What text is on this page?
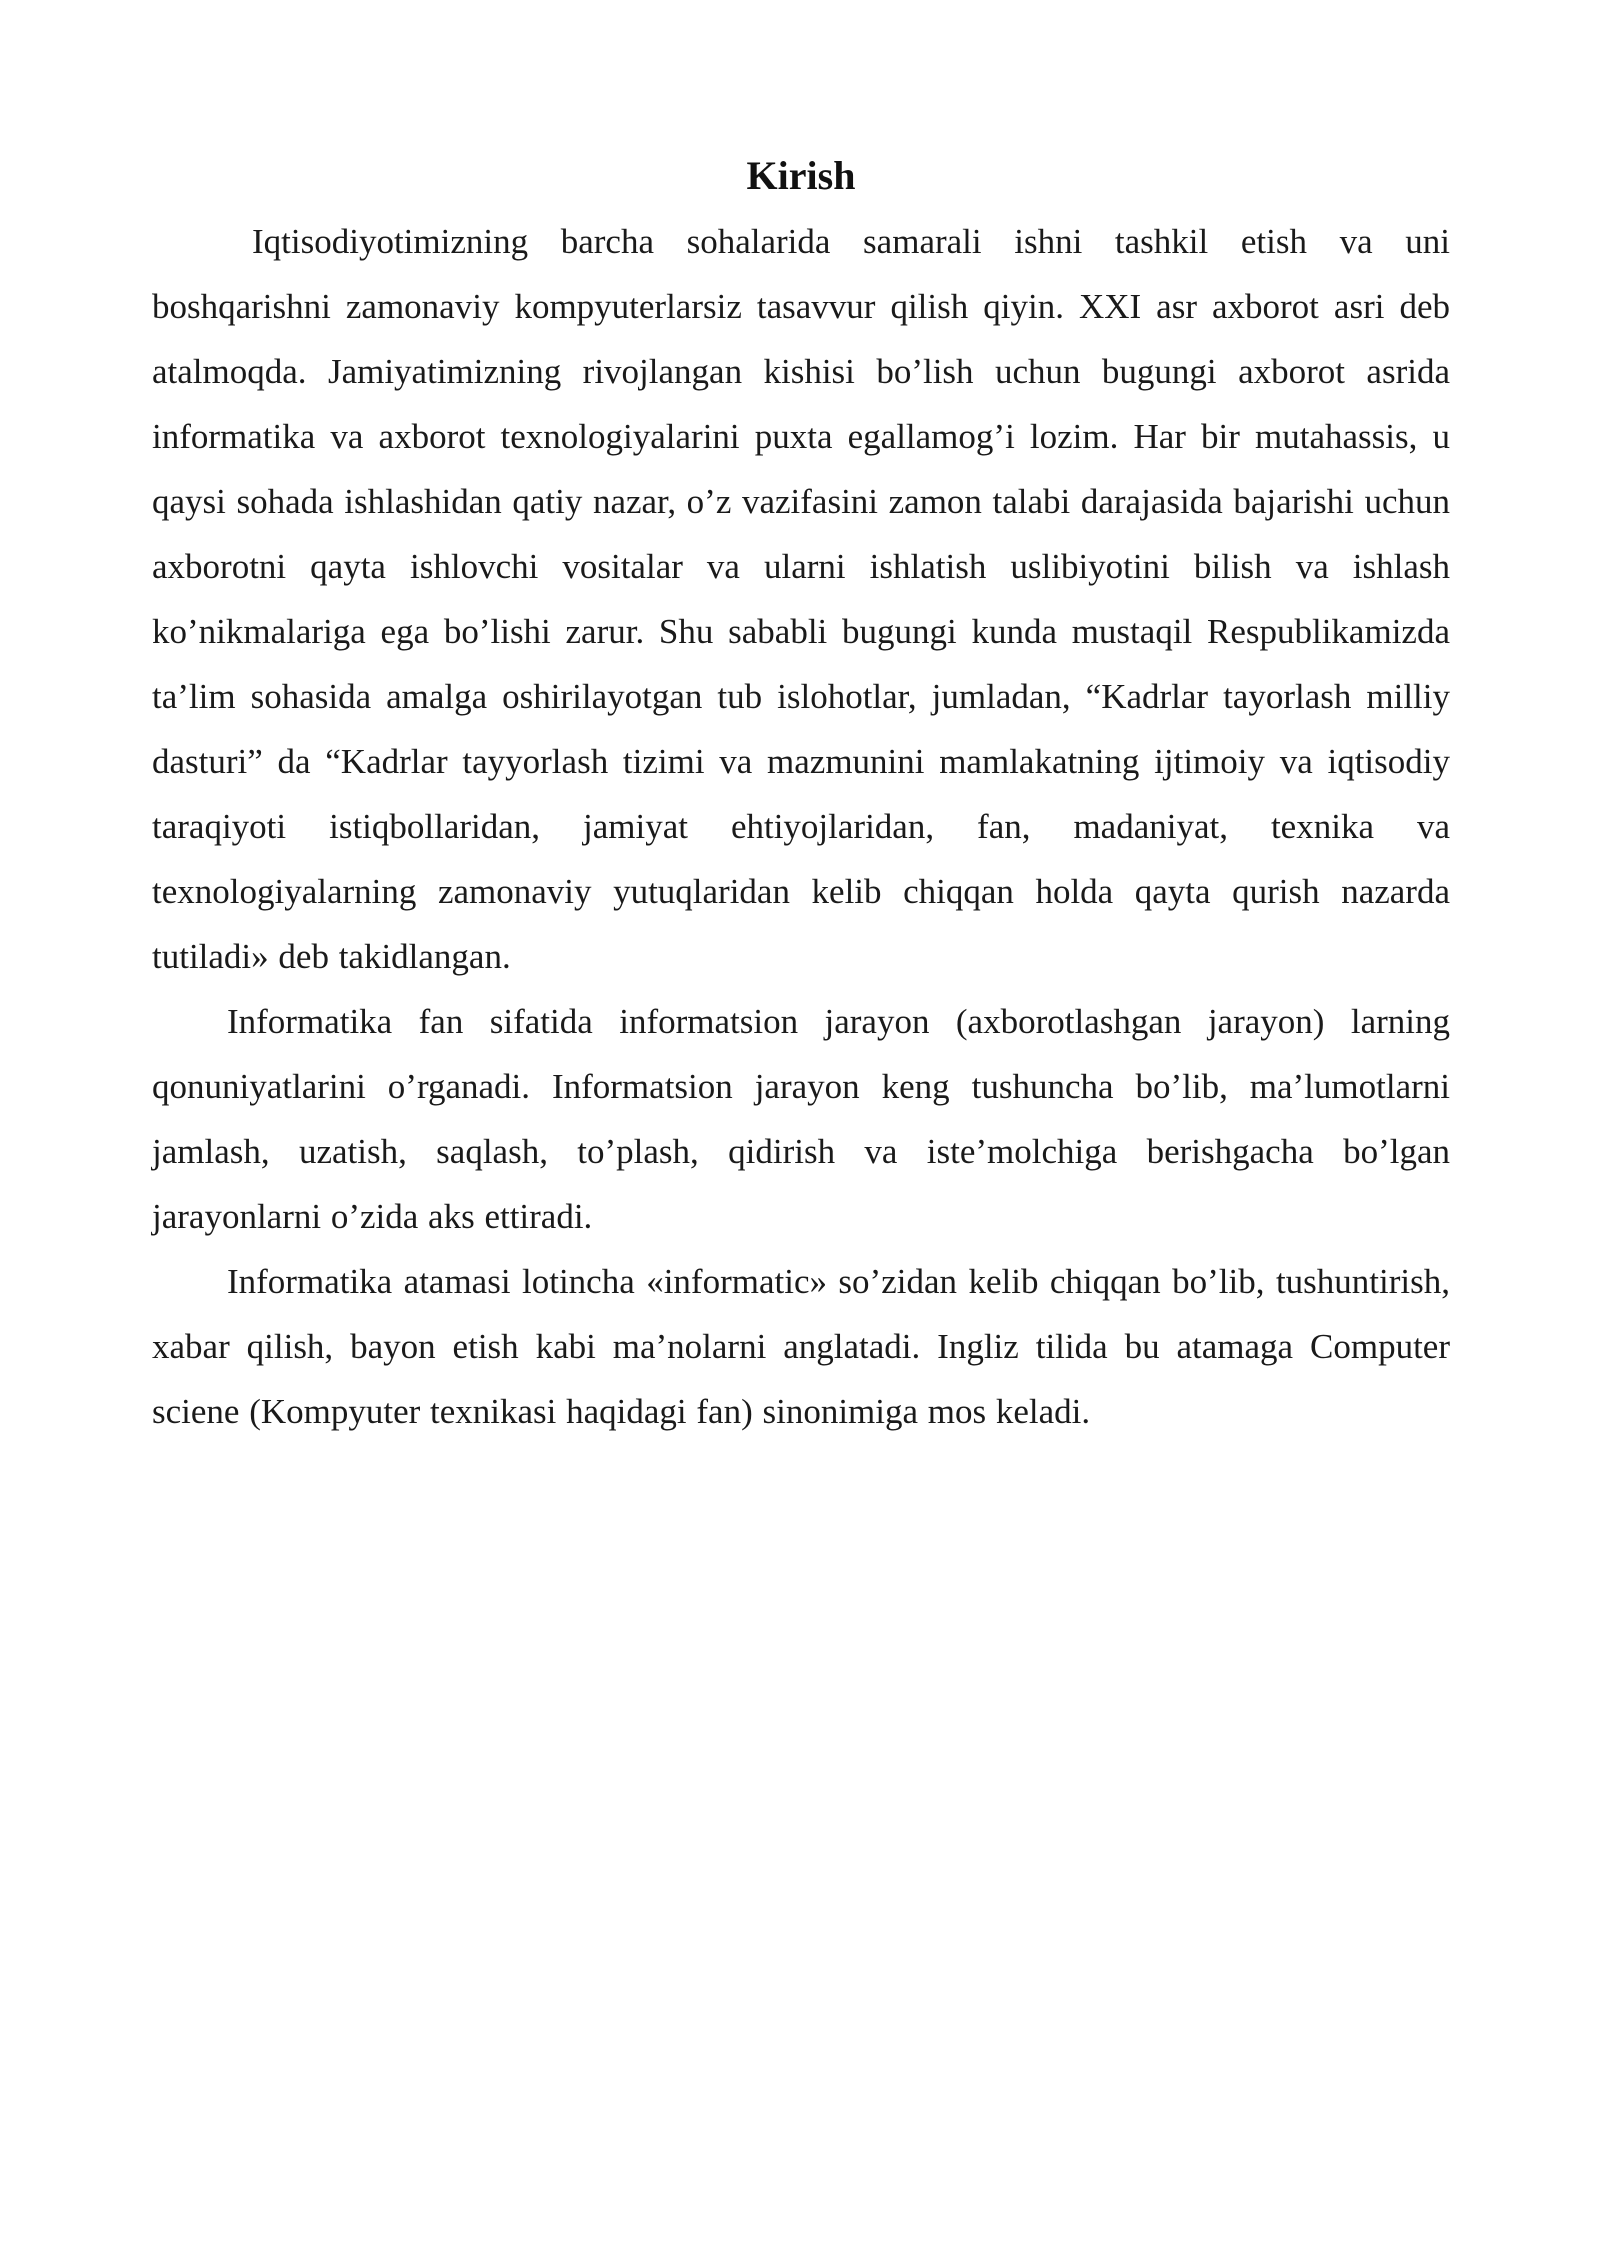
Kirish

Iqtisodiyotimizning barcha sohalarida samarali ishni tashkil etish va uni boshqarishni zamonaviy kompyuterlarsiz tasavvur qilish qiyin. XXI asr axborot asri deb atalmoqda. Jamiyatimizning rivojlangan kishisi bo’lish uchun bugungi axborot asrida informatika va axborot texnologiyalarini puxta egallamog’i lozim. Har bir mutahassis, u qaysi sohada ishlashidan qatiy nazar, o’z vazifasini zamon talabi darajasida bajarishi uchun axborotni qayta ishlovchi vositalar va ularni ishlatish uslibiyotini bilish va ishlash ko’nikmalariga ega bo’lishi zarur. Shu sababli bugungi kunda mustaqil Respublikamizda ta’lim sohasida amalga oshirilayotgan tub islohotlar, jumladan, “Kadrlar tayorlash milliy dasturi” da “Kadrlar tayyorlash tizimi va mazmunini mamlakatning ijtimoiy va iqtisodiy taraqiyoti istiqbollaridan, jamiyat ehtiyojlaridan, fan, madaniyat, texnika va texnologiyalarning zamonaviy yutuqlaridan kelib chiqqan holda qayta qurish nazarda tutiladi» deb takidlangan.

Informatika fan sifatida informatsion jarayon (axborotlashgan jarayon) larning qonuniyatlarini o’rganadi. Informatsion jarayon keng tushuncha bo’lib, ma’lumotlarni jamlash, uzatish, saqlash, to’plash, qidirish va iste’molchiga berishgacha bo’lgan jarayonlarni o’zida aks ettiradi.

Informatika atamasi lotincha «informatic» so’zidan kelib chiqqan bo’lib, tushuntirish, xabar qilish, bayon etish kabi ma’nolarni anglatadi. Ingliz tilida bu atamaga Computer sciene (Kompyuter texnikasi haqidagi fan) sinonimiga mos keladi.
